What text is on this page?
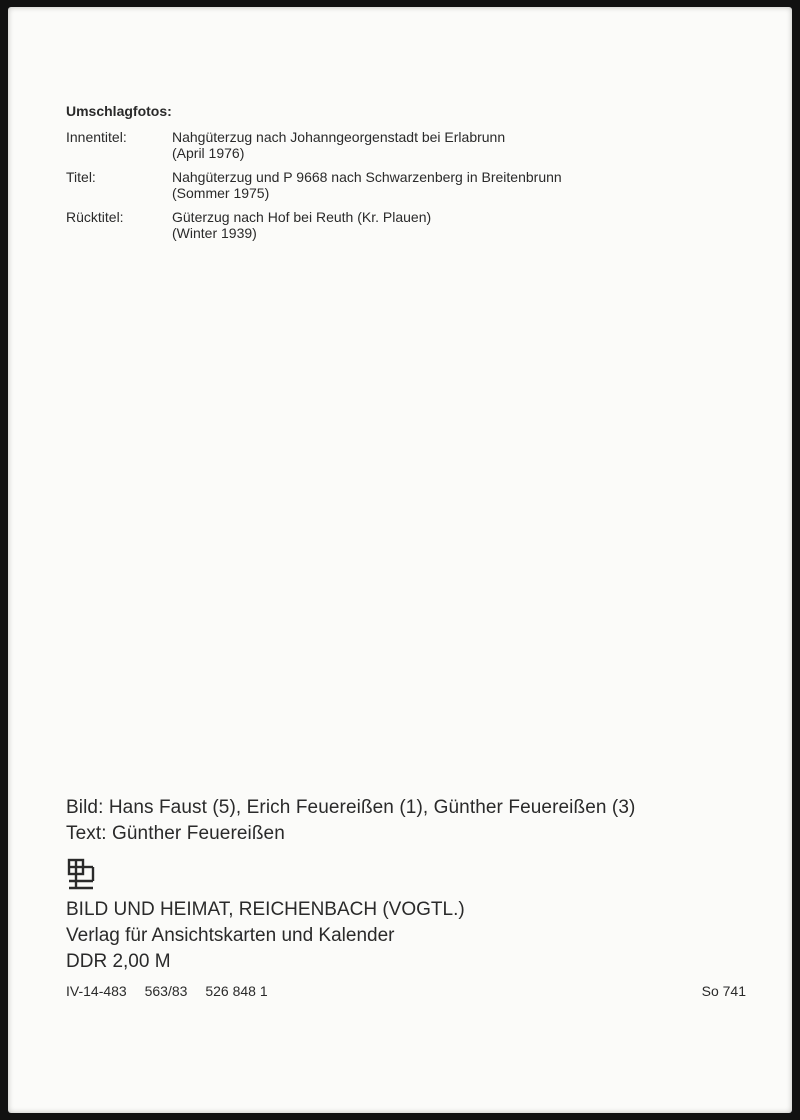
Umschlagfotos:
Innentitel:	Nahgüterzug nach Johanngeorgenstadt bei Erlabrunn
(April 1976)
Titel:	Nahgüterzug und P 9668 nach Schwarzenberg in Breitenbrunn
(Sommer 1975)
Rücktitel:	Güterzug nach Hof bei Reuth (Kr. Plauen)
(Winter 1939)
Bild: Hans Faust (5), Erich Feuereißen (1), Günther Feuereißen (3)
Text: Günther Feuereißen
BILD UND HEIMAT, REICHENBACH (VOGTL.)
Verlag für Ansichtskarten und Kalender
DDR 2,00 M
IV-14-483 563/83 526 848 1	So 741
